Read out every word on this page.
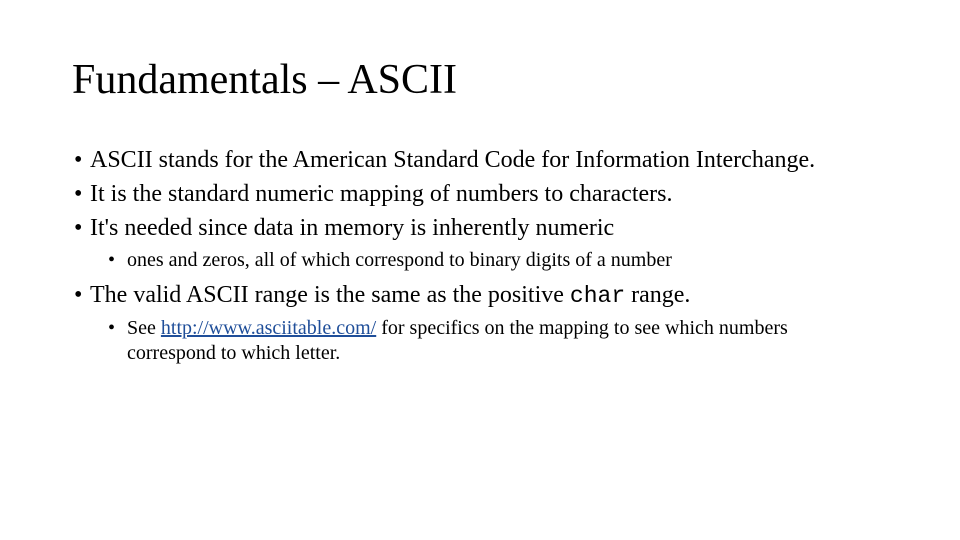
Fundamentals – ASCII
• ASCII stands for the American Standard Code for Information Interchange.
• It is the standard numeric mapping of numbers to characters.
• It's needed since data in memory is inherently numeric
• ones and zeros, all of which correspond to binary digits of a number
• The valid ASCII range is the same as the positive char range.
• See http://www.asciitable.com/ for specifics on the mapping to see which numbers correspond to which letter.
